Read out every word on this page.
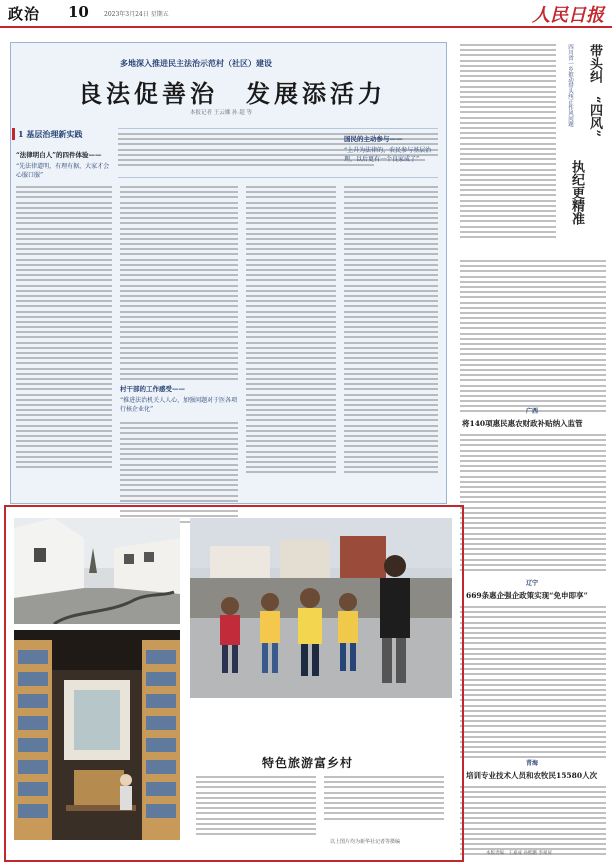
政治 10	2023年3月24日 星期五	人民日报
多地深入推进民主法治示范村（社区）建设
良法促善治　发展添活力
本报记者 王云娜 孙 超 等
1 基层治理新实践
“法律明白人”的四件体验——
“先法律道明，有理有据，大家才会心服口服”
村干部的工作感受——
“推进法治机关人人心，加强问题对于医各项行核企业化”
国民的主动参与——
“上升为法律的，农民参与基层治理，以后更有一个良家成了”
带头纠
“四风”
执纪更精准
四川省一乡推动带头纠正作风问题
广西
将140项惠民惠农财政补贴纳入监管
辽宁
669条惠企强企政策实现“免申即享”
青海
培训专业技术人员和农牧民15580人次
本版责编：王嘉成 孙熙鹏 李翠屏
特色旅游富乡村
以上图片均为新华社记者等摄编
